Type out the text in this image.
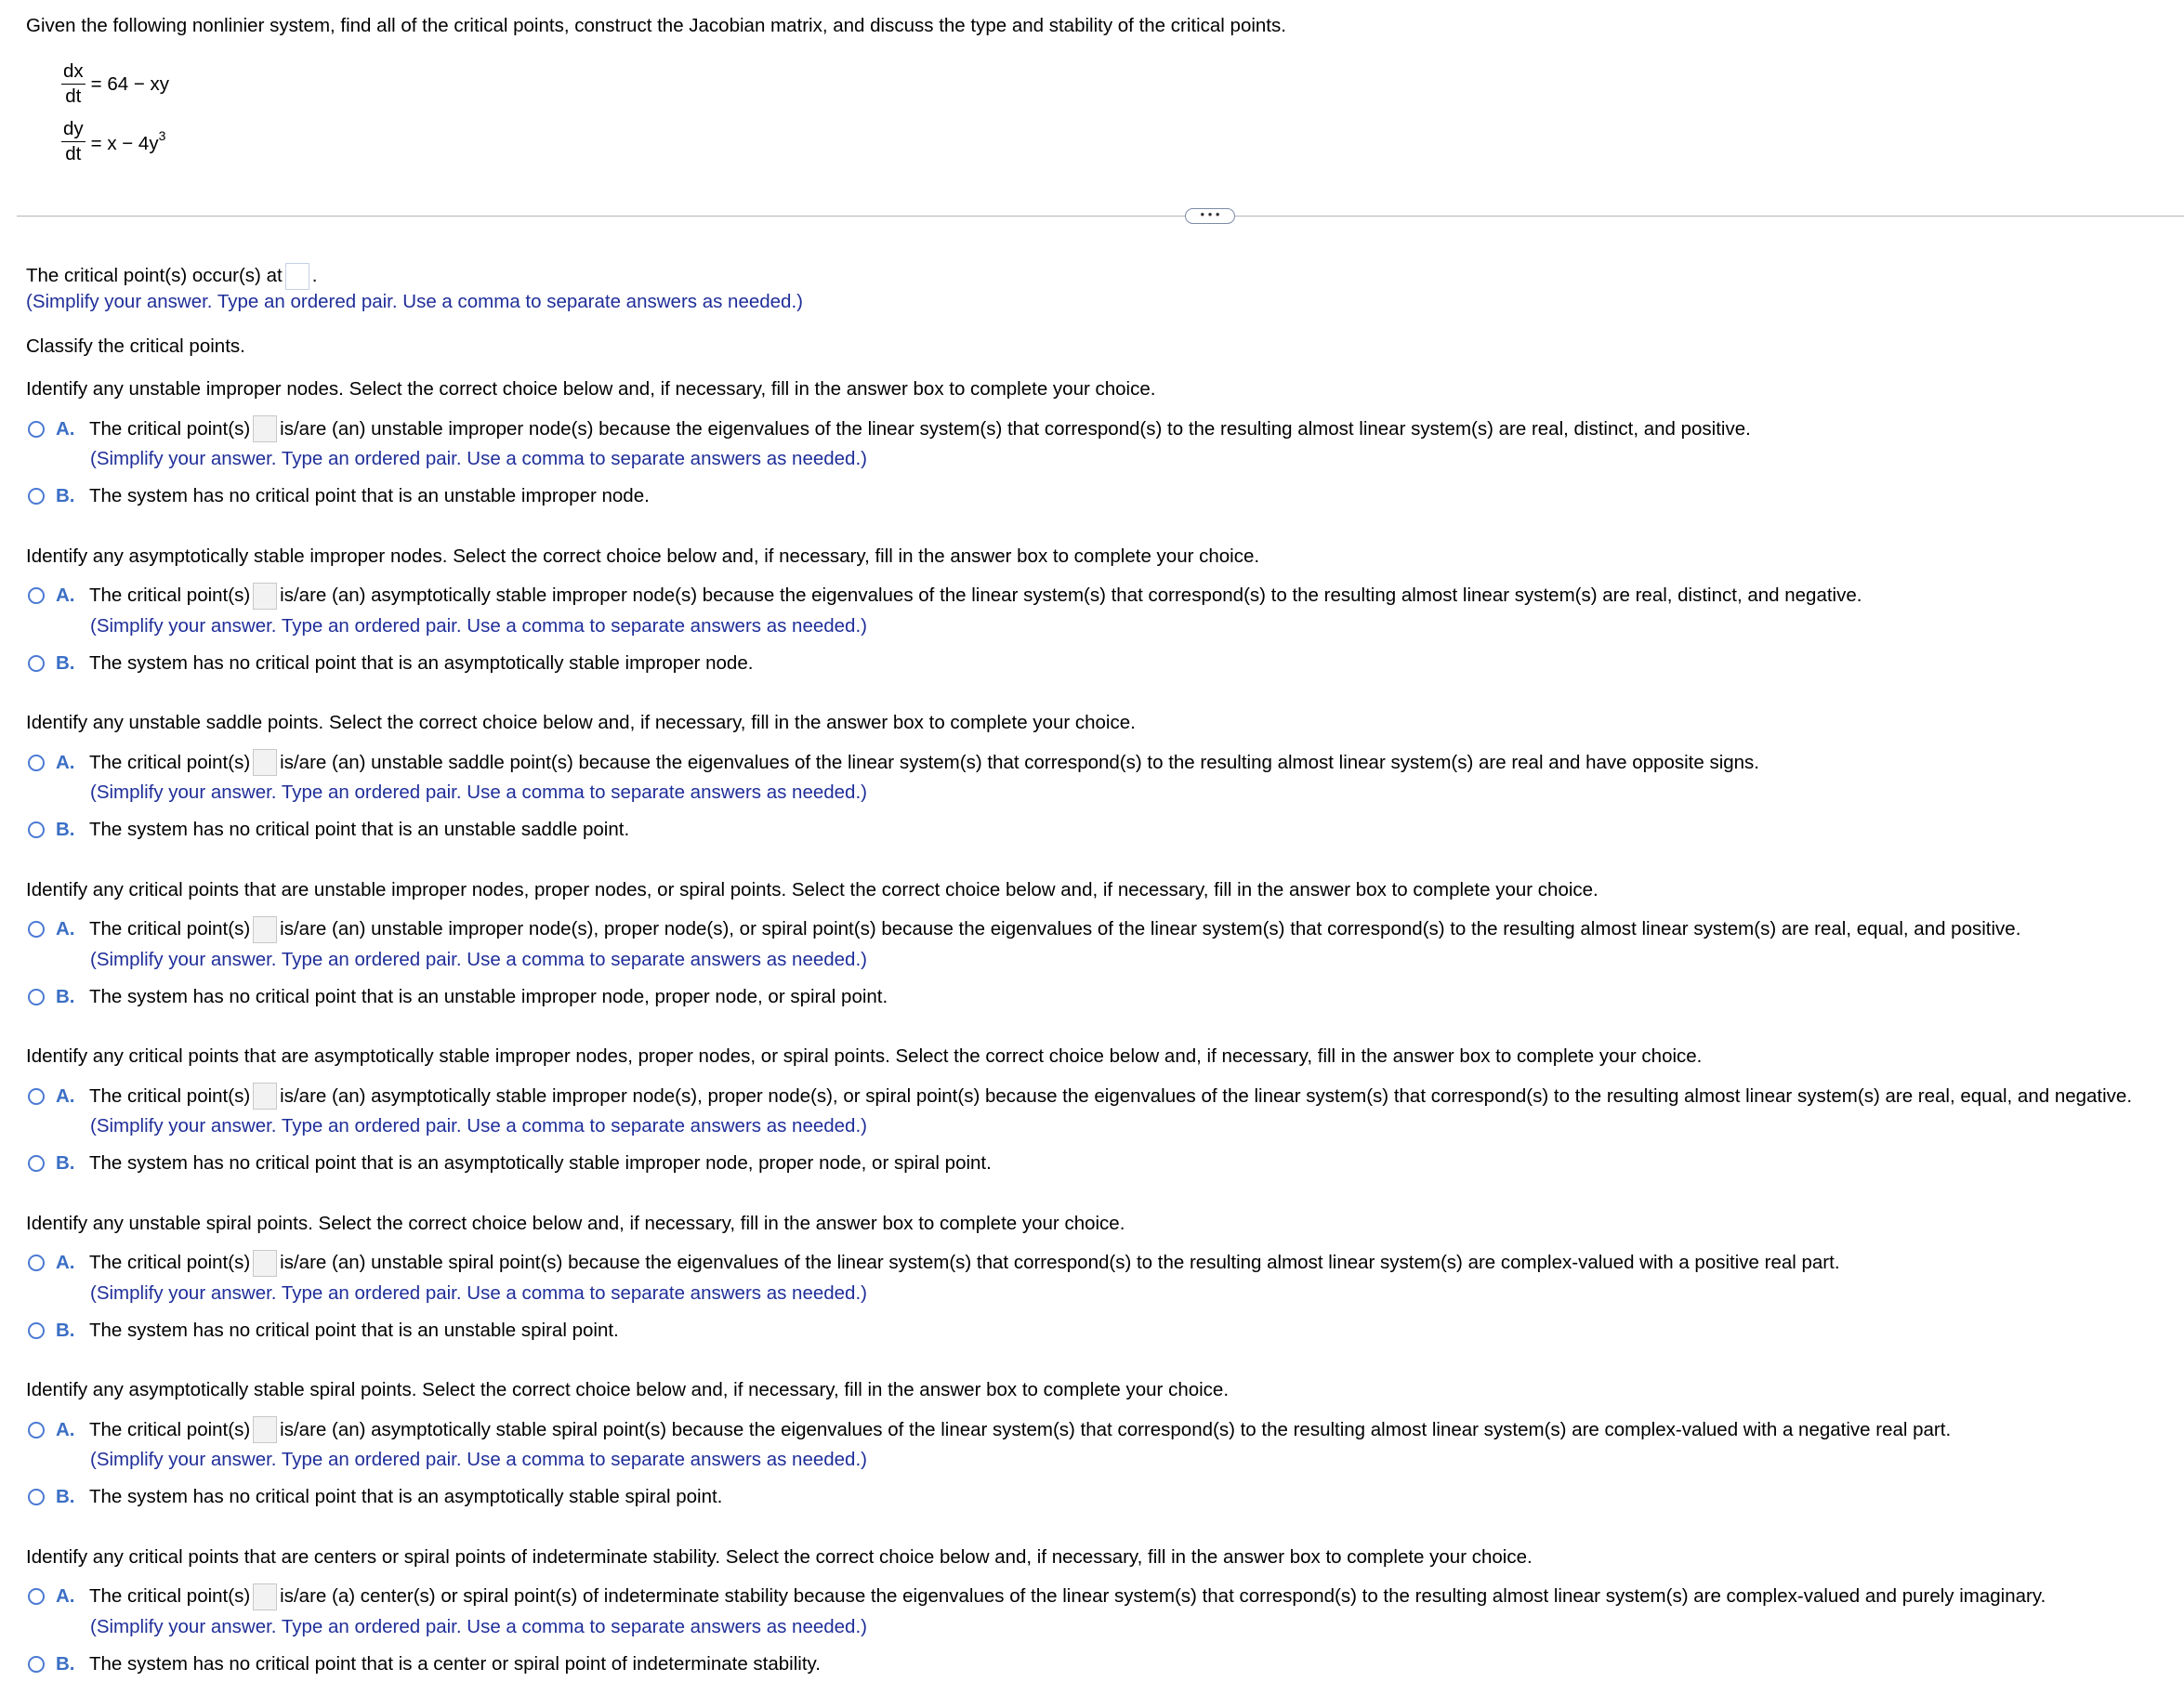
Given the following nonlinier system, find all of the critical points, construct the Jacobian matrix, and discuss the type and stability of the critical points.
$\frac{dx}{dt} = 64$ − xy
$\frac{dy}{dt} = x - 4y^3$
• • •
The critical point(s) occur(s) at .
(Simplify your answer. Type an ordered pair. Use a comma to separate answers as needed.)
Classify the critical points.
Identify any unstable improper nodes. Select the correct choice below and, if necessary, fill in the answer box to complete your choice.
A. The critical point(s) is/are (an) unstable improper node(s) because the eigenvalues of the linear system(s) that correspond(s) to the resulting almost linear system(s) are real, distinct, and positive.
(Simplify your answer. Type an ordered pair. Use a comma to separate answers as needed.)
B. The system has no critical point that is an unstable improper node.
Identify any asymptotically stable improper nodes. Select the correct choice below and, if necessary, fill in the answer box to complete your choice.
A. The critical point(s) is/are (an) asymptotically stable improper node(s) because the eigenvalues of the linear system(s) that correspond(s) to the resulting almost linear system(s) are real, distinct, and negative.
(Simplify your answer. Type an ordered pair. Use a comma to separate answers as needed.)
B. The system has no critical point that is an asymptotically stable improper node.
Identify any unstable saddle points. Select the correct choice below and, if necessary, fill in the answer box to complete your choice.
A. The critical point(s) is/are (an) unstable saddle point(s) because the eigenvalues of the linear system(s) that correspond(s) to the resulting almost linear system(s) are real and have opposite signs.
(Simplify your answer. Type an ordered pair. Use a comma to separate answers as needed.)
B. The system has no critical point that is an unstable saddle point.
Identify any critical points that are unstable improper nodes, proper nodes, or spiral points. Select the correct choice below and, if necessary, fill in the answer box to complete your choice.
A. The critical point(s) is/are (an) unstable improper node(s), proper node(s), or spiral point(s) because the eigenvalues of the linear system(s) that correspond(s) to the resulting almost linear system(s) are real, equal, and positive.
(Simplify your answer. Type an ordered pair. Use a comma to separate answers as needed.)
B. The system has no critical point that is an unstable improper node, proper node, or spiral point.
Identify any critical points that are asymptotically stable improper nodes, proper nodes, or spiral points. Select the correct choice below and, if necessary, fill in the answer box to complete your choice.
A. The critical point(s) is/are (an) asymptotically stable improper node(s), proper node(s), or spiral point(s) because the eigenvalues of the linear system(s) that correspond(s) to the resulting almost linear system(s) are real, equal, and negative.
(Simplify your answer. Type an ordered pair. Use a comma to separate answers as needed.)
B. The system has no critical point that is an asymptotically stable improper node, proper node, or spiral point.
Identify any unstable spiral points. Select the correct choice below and, if necessary, fill in the answer box to complete your choice.
A. The critical point(s) is/are (an) unstable spiral point(s) because the eigenvalues of the linear system(s) that correspond(s) to the resulting almost linear system(s) are complex-valued with a positive real part.
(Simplify your answer. Type an ordered pair. Use a comma to separate answers as needed.)
B. The system has no critical point that is an unstable spiral point.
Identify any asymptotically stable spiral points. Select the correct choice below and, if necessary, fill in the answer box to complete your choice.
A. The critical point(s) is/are (an) asymptotically stable spiral point(s) because the eigenvalues of the linear system(s) that correspond(s) to the resulting almost linear system(s) are complex-valued with a negative real part.
(Simplify your answer. Type an ordered pair. Use a comma to separate answers as needed.)
B. The system has no critical point that is an asymptotically stable spiral point.
Identify any critical points that are centers or spiral points of indeterminate stability. Select the correct choice below and, if necessary, fill in the answer box to complete your choice.
A. The critical point(s) is/are (a) center(s) or spiral point(s) of indeterminate stability because the eigenvalues of the linear system(s) that correspond(s) to the resulting almost linear system(s) are complex-valued and purely imaginary.
(Simplify your answer. Type an ordered pair. Use a comma to separate answers as needed.)
B. The system has no critical point that is a center or spiral point of indeterminate stability.
